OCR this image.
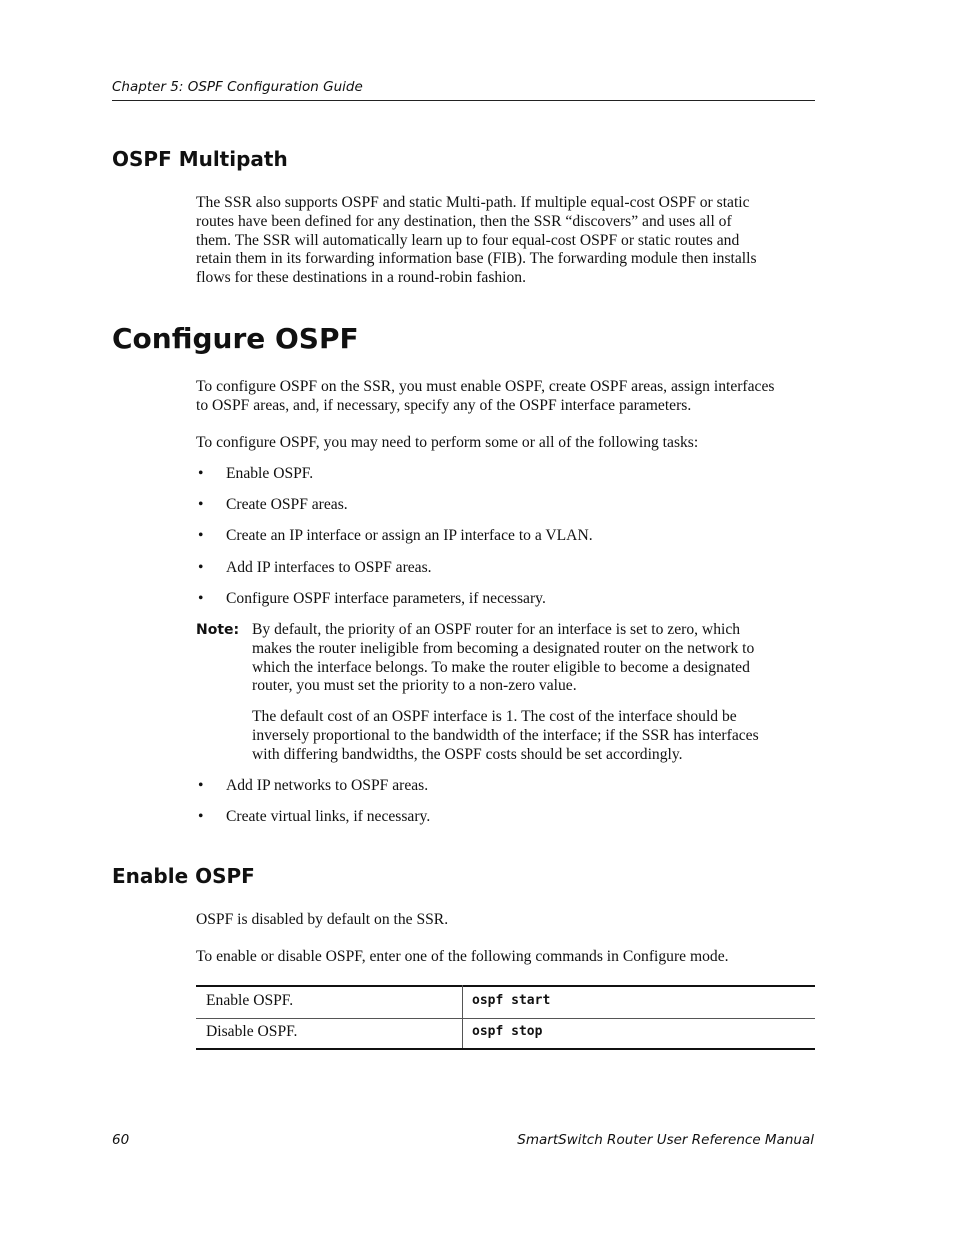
Chapter 5: OSPF Configuration Guide
OSPF Multipath
The SSR also supports OSPF and static Multi-path. If multiple equal-cost OSPF or static
routes have been defined for any destination, then the SSR “discovers” and uses all of
them. The SSR will automatically learn up to four equal-cost OSPF or static routes and
retain them in its forwarding information base (FIB). The forwarding module then installs
flows for these destinations in a round-robin fashion.
Configure OSPF
To configure OSPF on the SSR, you must enable OSPF, create OSPF areas, assign interfaces
to OSPF areas, and, if necessary, specify any of the OSPF interface parameters.
To configure OSPF, you may need to perform some or all of the following tasks:
• Enable OSPF.
• Create OSPF areas.
• Create an IP interface or assign an IP interface to a VLAN.
• Add IP interfaces to OSPF areas.
• Configure OSPF interface parameters, if necessary.
Note: By default, the priority of an OSPF router for an interface is set to zero, which
makes the router ineligible from becoming a designated router on the network to
which the interface belongs. To make the router eligible to become a designated
router, you must set the priority to a non-zero value.
The default cost of an OSPF interface is 1. The cost of the interface should be
inversely proportional to the bandwidth of the interface; if the SSR has interfaces
with differing bandwidths, the OSPF costs should be set accordingly.
• Add IP networks to OSPF areas.
• Create virtual links, if necessary.
Enable OSPF
OSPF is disabled by default on the SSR.
To enable or disable OSPF, enter one of the following commands in Configure mode.
Enable OSPF.	ospf start
Disable OSPF.	ospf stop
60	SmartSwitch Router User Reference Manual
